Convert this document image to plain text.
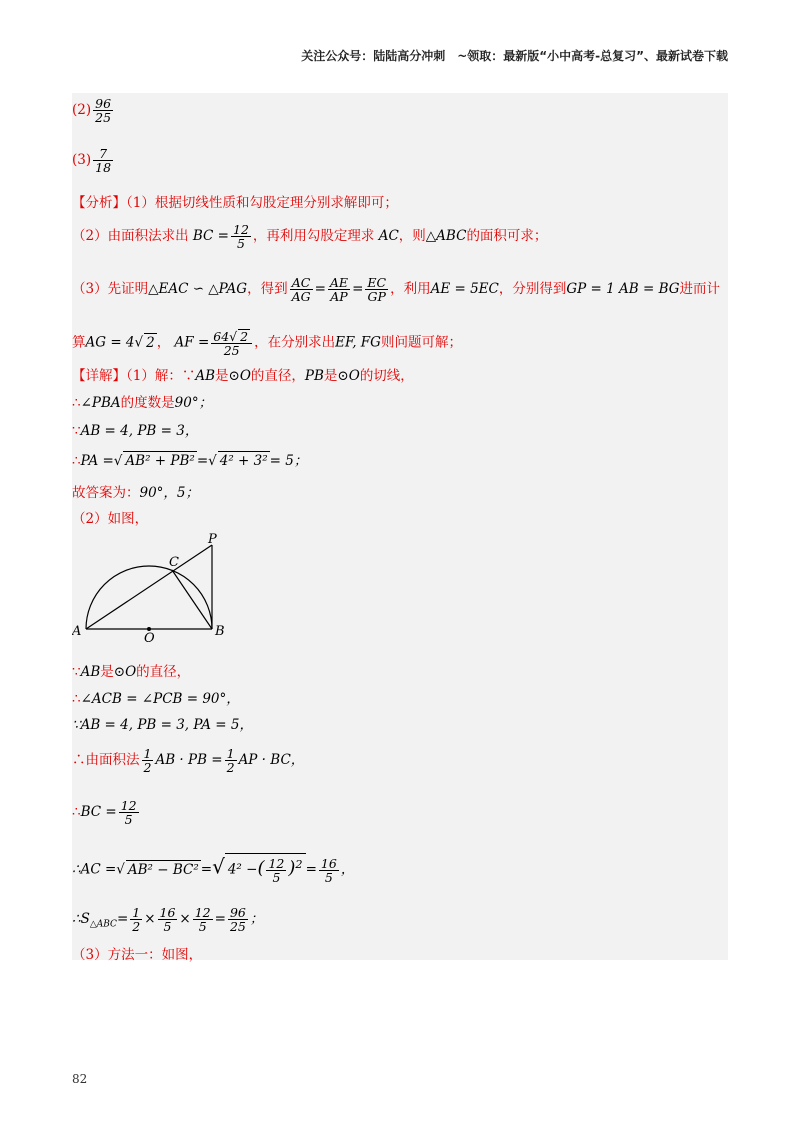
关注公众号：陆陆高分冲刺　~领取：最新版“小中高考-总复习”、最新试卷下载
$(2) \frac{96}{25}$
$(3) \frac{7}{18}$
【分析】（1）根据切线性质和勾股定理分别求解即可；
（2）由面积法求出 BC = $\frac{12}{5}$ ，再利用勾股定理求 AC，则△ABC的面积可求；
（3）先证明△EAC ∽ △PAG，得到 $\frac{AC}{AG} = \frac{AE}{AP} = \frac{EC}{GP}$ ，利用AE = 5EC，分别得到GP = 1 AB = BG进而计
算AG = 4√ 2 ， AF = $\frac{64√ 2}{25}$ ，在分别求出EF, FG则问题可解；
【详解】（1）解：∵AB是⊙O的直径，PB是⊙O的切线，
∴∠PBA的度数是90°；
∵AB = 4, PB = 3，
∴PA =√ AB² + PB² =√ 4² + 3² = 5；
故答案为：90°，5；
（2）如图，
A	B
C
O
P
∵AB是⊙O的直径，
∴∠ACB = ∠PCB = 90°，
∵AB = 4, PB = 3, PA = 5，
∴由面积法 $\frac{1}{2}$ AB · PB = $\frac{1}{2}$ AP · BC，
∴BC = $\frac{12}{5}$
∴AC =√ AB² − BC² =√ 4² −( $\frac{12}{5} )^2 = \frac{16}{5}$ ，
$\therefore S_{\triangle ABC}= \frac{1}{2} \times \frac{16}{5} \times \frac{12}{5} = \frac{96}{25}$ ；
（3）方法一：如图，
82
